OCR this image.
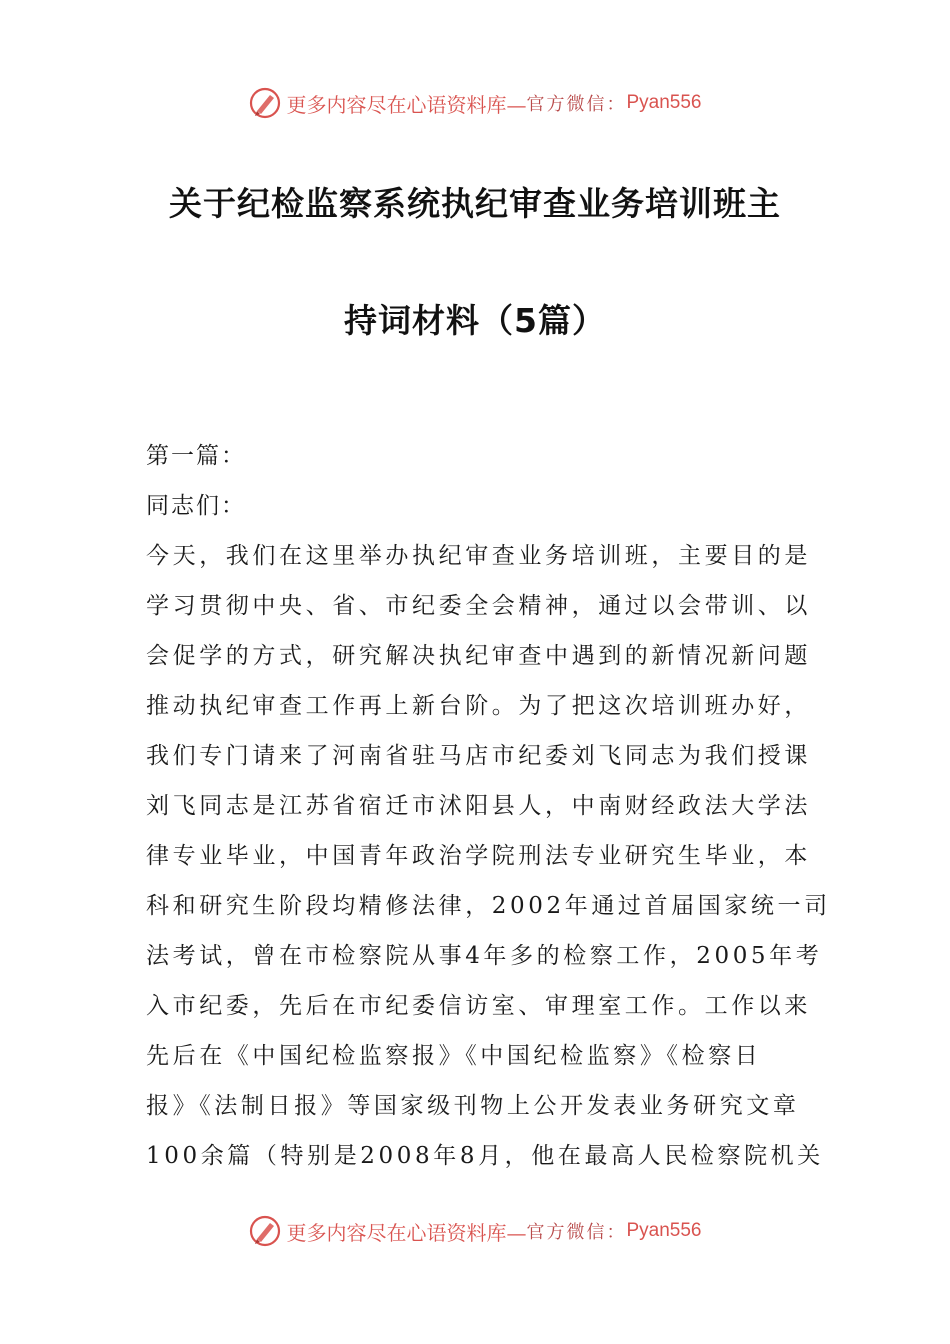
更多内容尽在心语资料库— 官方微信： Pyan556
关于纪检监察系统执纪审查业务培训班主
持词材料（5篇）
第一篇：
同志们：
今天，我们在这里举办执纪审查业务培训班，主要目的是
学习贯彻中央、省、市纪委全会精神，通过以会带训、以
会促学的方式，研究解决执纪审查中遇到的新情况新问题
推动执纪审查工作再上新台阶。为了把这次培训班办好，
我们专门请来了河南省驻马店市纪委刘飞同志为我们授课
刘飞同志是江苏省宿迁市沭阳县人，中南财经政法大学法
律专业毕业，中国青年政治学院刑法专业研究生毕业，本
科和研究生阶段均精修法律，2002年通过首届国家统一司
法考试，曾在市检察院从事4年多的检察工作，2005年考
入市纪委，先后在市纪委信访室、审理室工作。工作以来
先后在《中国纪检监察报》《中国纪检监察》《检察日
报》《法制日报》等国家级刊物上公开发表业务研究文章
100余篇（特别是2008年8月，他在最高人民检察院机关
更多内容尽在心语资料库— 官方微信： Pyan556
